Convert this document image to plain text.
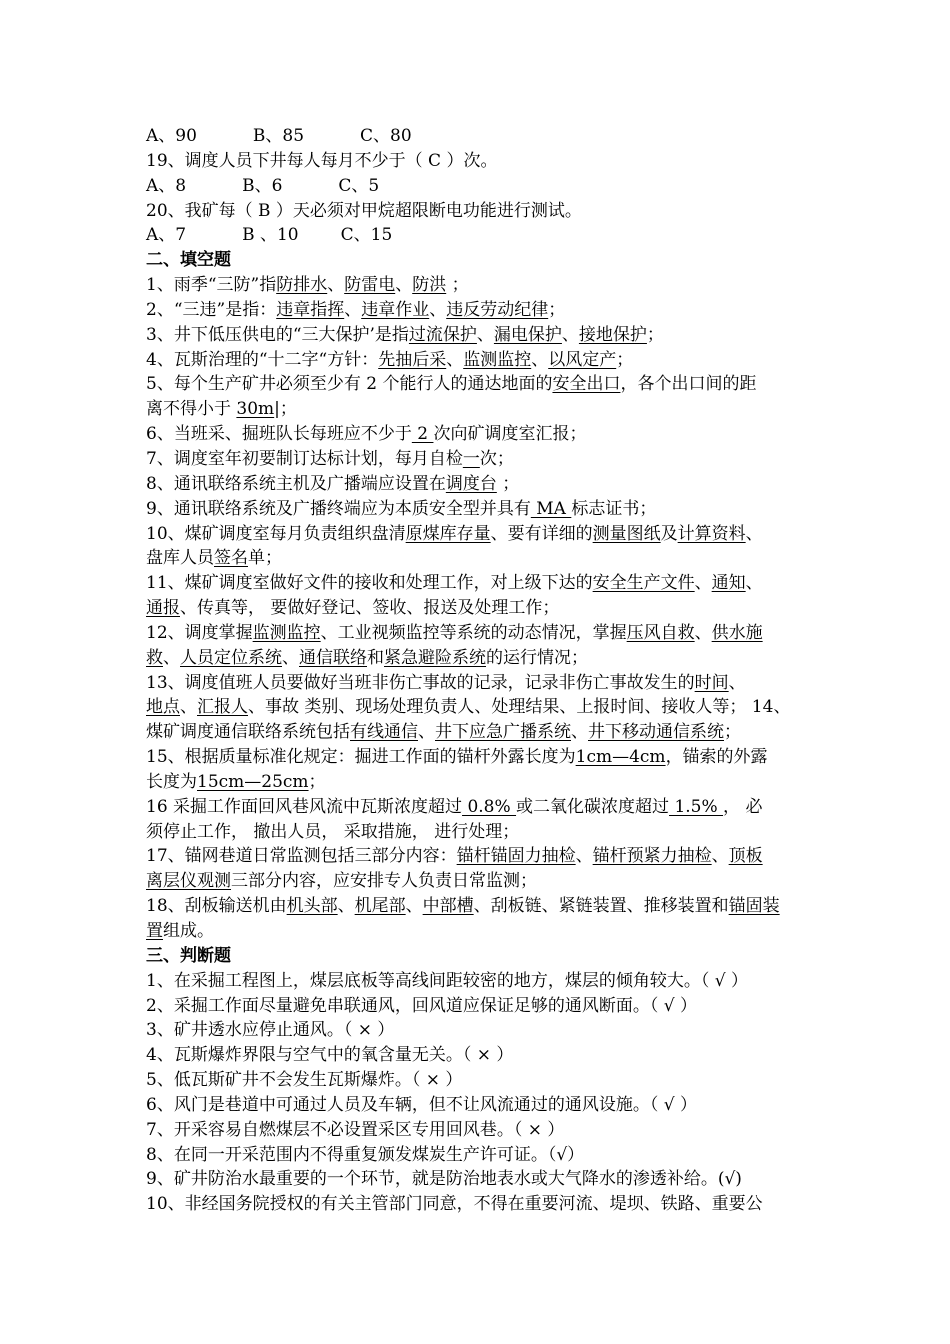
A、90	B、85	C、80
19、调度人员下井每人每月不少于（ C ）次。
A、8	B、6	C、5
20、我矿每（ B ）天必须对甲烷超限断电功能进行测试。
A、7	B 、10 C、15
二、填空题
1、雨季“三防”指防排水、防雷电、防洪 ；
2、“三违”是指：违章指挥、违章作业、违反劳动纪律；
3、井下低压供电的“三大保护’是指过流保护、漏电保护、接地保护；
4、瓦斯治理的“十二字“方针：先抽后采、监测监控、以风定产；
5、每个生产矿井必须至少有 2 个能行人的通达地面的安全出口，各个出口间的距
离不得小于 30m|；
6、当班采、掘班队长每班应不少于 2 次向矿调度室汇报；
7、调度室年初要制订达标计划，每月自检一次；
8、通讯联络系统主机及广播端应设置在调度台 ；
9、通讯联络系统及广播终端应为本质安全型并具有 MA 标志证书；
10、煤矿调度室每月负责组织盘清原煤库存量、要有详细的测量图纸及计算资料、
盘库人员签名单；
11、煤矿调度室做好文件的接收和处理工作，对上级下达的安全生产文件、通知、
通报、传真等， 要做好登记、签收、报送及处理工作；
12、调度掌握监测监控、工业视频监控等系统的动态情况，掌握压风自救、供水施
救、人员定位系统、通信联络和紧急避险系统的运行情况；
13、调度值班人员要做好当班非伤亡事故的记录，记录非伤亡事故发生的时间、
地点、汇报人、事故 类别、现场处理负责人、处理结果、上报时间、接收人等； 14、
煤矿调度通信联络系统包括有线通信、井下应急广播系统、井下移动通信系统；
15、根据质量标准化规定：掘进工作面的锚杆外露长度为1cm—4cm，锚索的外露
长度为15cm—25cm；
16 采掘工作面回风巷风流中瓦斯浓度超过 0.8% 或二氧化碳浓度超过 1.5% ， 必
须停止工作， 撤出人员， 采取措施， 进行处理；
17、锚网巷道日常监测包括三部分内容：锚杆锚固力抽检、锚杆预紧力抽检、顶板
离层仪观测三部分内容，应安排专人负责日常监测；
18、刮板输送机由机头部、机尾部、中部槽、刮板链、紧链装置、推移装置和锚固装
置组成。
三、判断题
1、在采掘工程图上，煤层底板等高线间距较密的地方，煤层的倾角较大。（ √ ）
2、采掘工作面尽量避免串联通风，回风道应保证足够的通风断面。（ √ ）
3、矿井透水应停止通风。（ × ）
4、瓦斯爆炸界限与空气中的氧含量无关。（ × ）
5、低瓦斯矿井不会发生瓦斯爆炸。（ × ）
6、风门是巷道中可通过人员及车辆，但不让风流通过的通风设施。（ √ ）
7、开采容易自燃煤层不必设置采区专用回风巷。（ × ）
8、在同一开采范围内不得重复颁发煤炭生产许可证。（√）
9、矿井防治水最重要的一个环节，就是防治地表水或大气降水的渗透补给。(√)
10、非经国务院授权的有关主管部门同意，不得在重要河流、堤坝、铁路、重要公
